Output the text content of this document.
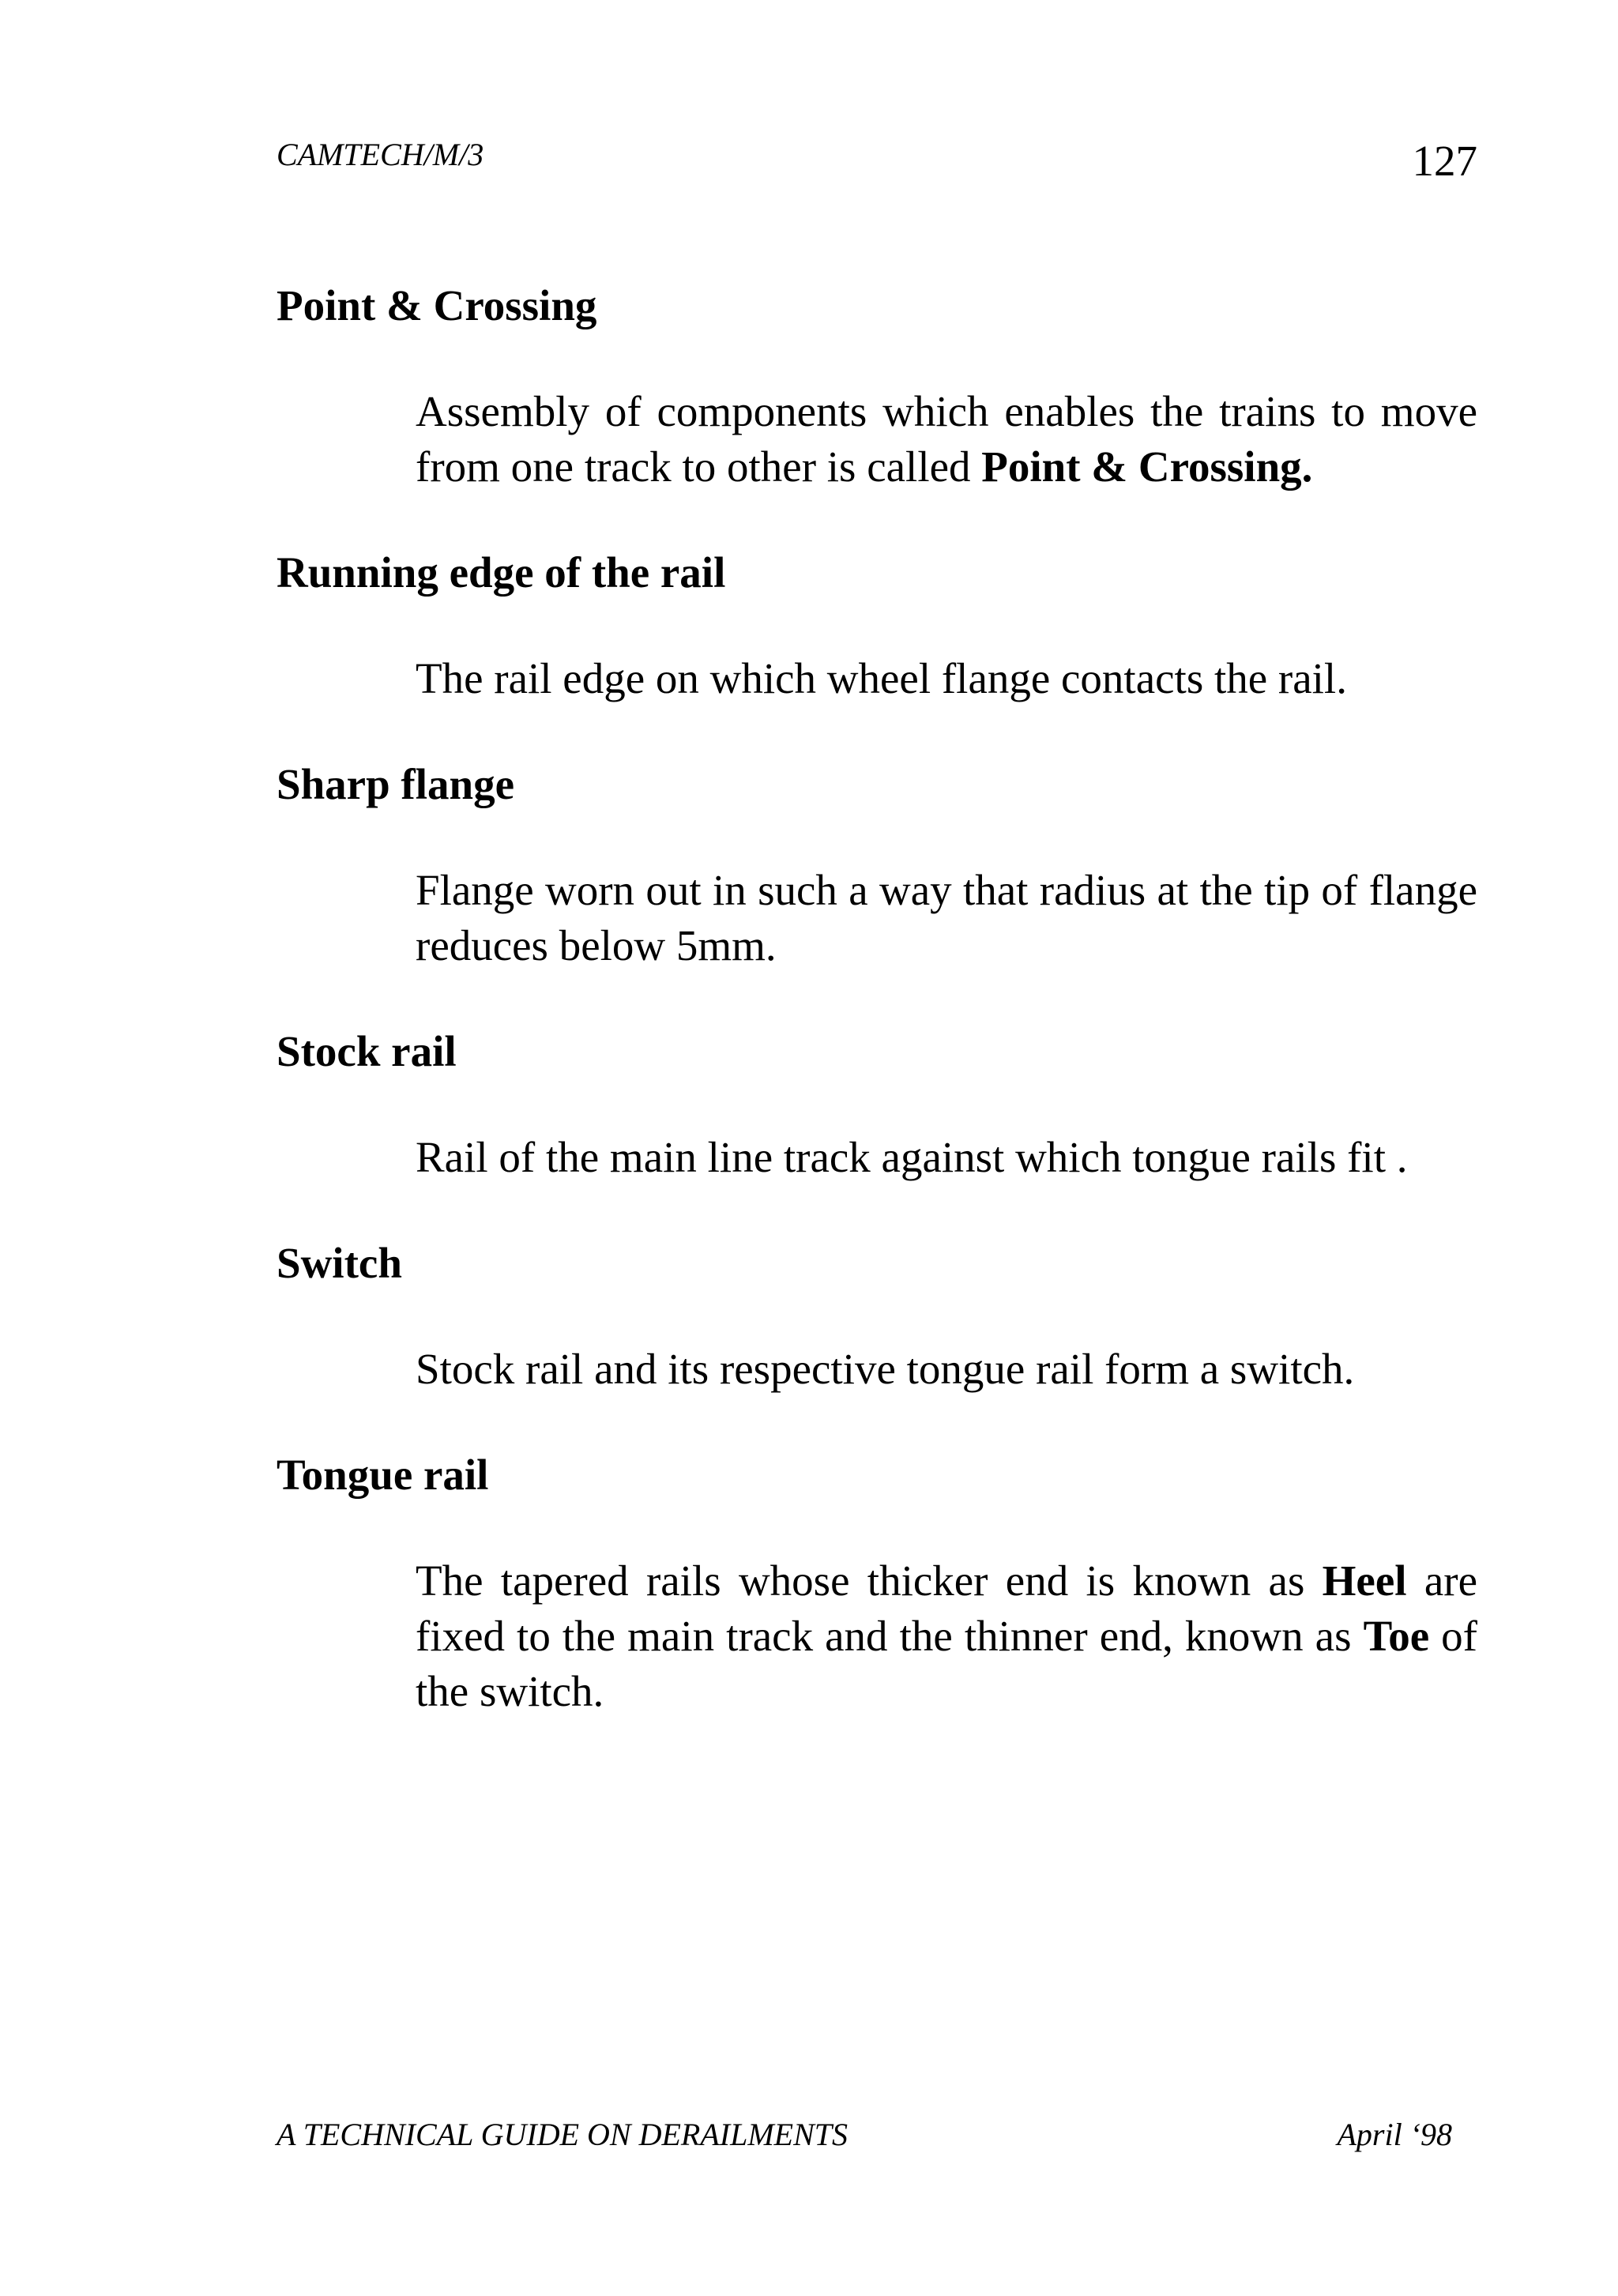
CAMTECH/M/3	127
Point & Crossing
Assembly of components which enables the trains to move from one track to other is called Point & Crossing.
Running edge of the rail
The rail edge on which wheel flange contacts the rail.
Sharp flange
Flange worn out in such a way that radius at the tip of flange reduces below 5mm.
Stock rail
Rail of the main line track against which tongue rails fit .
Switch
Stock rail and its respective tongue rail form a switch.
Tongue rail
The tapered rails whose thicker end is known as Heel are fixed to the main track and the thinner end, known as Toe of the switch.
A TECHNICAL GUIDE ON DERAILMENTS	April ‘98
